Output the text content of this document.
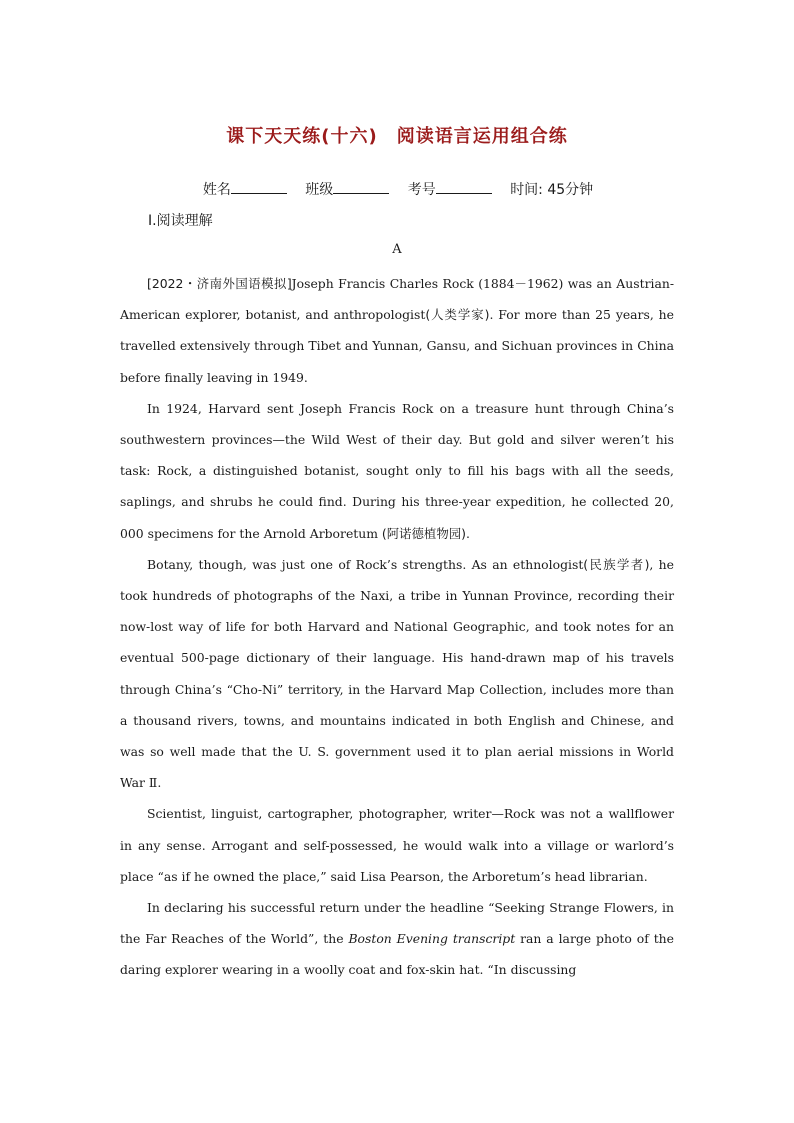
课下天天练(十六)　阅读语言运用组合练
姓名	班级	考号	时间: 45分钟
Ⅰ.阅读理解
A

[2022・济南外国语模拟]Joseph Francis Charles Rock (1884－1962) was an Austrian-American explorer, botanist, and anthropologist(人类学家). For more than 25 years, he travelled extensively through Tibet and Yunnan, Gansu, and Sichuan provinces in China before finally leaving in 1949.

In 1924, Harvard sent Joseph Francis Rock on a treasure hunt through China’s southwestern provinces—the Wild West of their day. But gold and silver weren’t his task: Rock, a distinguished botanist, sought only to fill his bags with all the seeds, saplings, and shrubs he could find. During his three-year expedition, he collected 20, 000 specimens for the Arnold Arboretum (阿诺德植物园).

Botany, though, was just one of Rock’s strengths. As an ethnologist(民族学者), he took hundreds of photographs of the Naxi, a tribe in Yunnan Province, recording their now-lost way of life for both Harvard and National Geographic, and took notes for an eventual 500-page dictionary of their language. His hand-drawn map of his travels through China’s “Cho-Ni” territory, in the Harvard Map Collection, includes more than a thousand rivers, towns, and mountains indicated in both English and Chinese, and was so well made that the U. S. government used it to plan aerial missions in World War Ⅱ.

Scientist, linguist, cartographer, photographer, writer—Rock was not a wallflower in any sense. Arrogant and self-possessed, he would walk into a village or warlord’s place “as if he owned the place,” said Lisa Pearson, the Arboretum’s head librarian.

In declaring his successful return under the headline “Seeking Strange Flowers, in the Far Reaches of the World”, the Boston Evening transcript ran a large photo of the daring explorer wearing in a woolly coat and fox-skin hat. “In discussing
